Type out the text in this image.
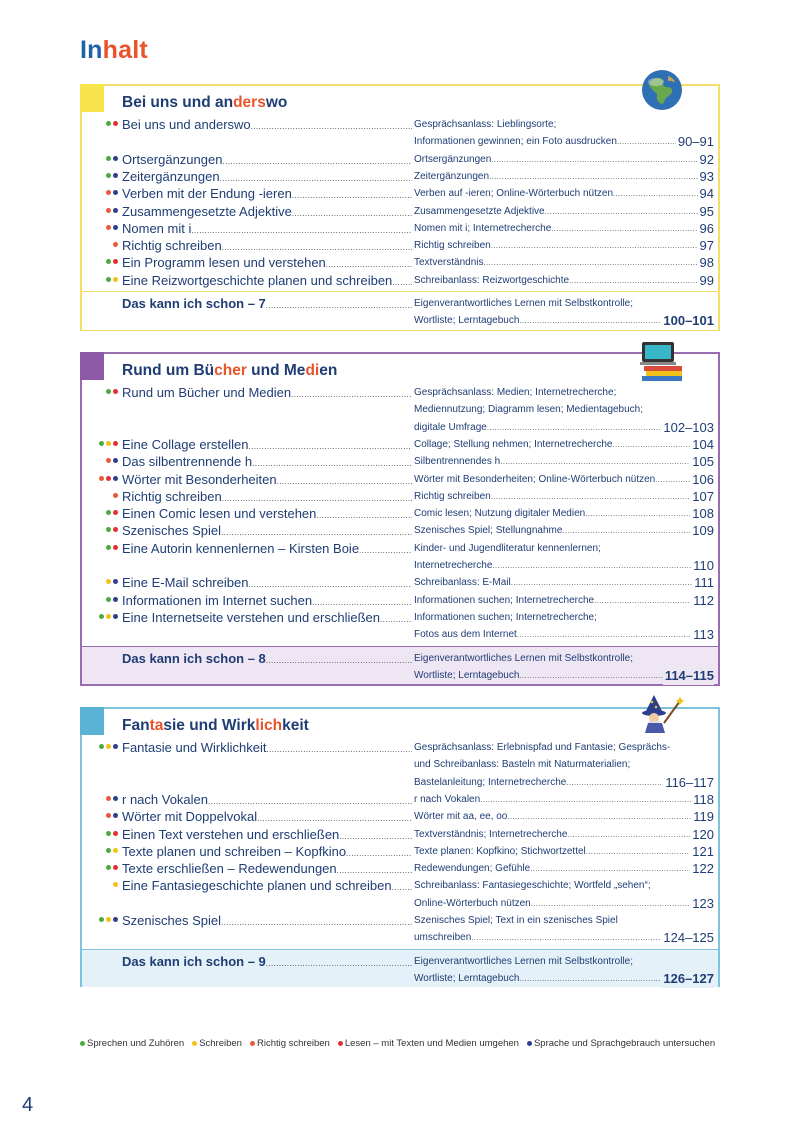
Inhalt
Bei uns und anderswo
Bei uns und anderswo .....	Gesprächsanlass: Lieblingsorte;
Informationen gewinnen; ein Foto ausdrucken .....	90–91
Ortsergänzungen .....	Ortsergänzungen .....	92
Zeitergänzungen .....	Zeitergänzungen .....	93
Verben mit der Endung -ieren .....	Verben auf -ieren; Online-Wörterbuch nützen .....	94
Zusammengesetzte Adjektive .....	Zusammengesetzte Adjektive .....	95
Nomen mit i .....	Nomen mit i; Internetrecherche .....	96
Richtig schreiben .....	Richtig schreiben .....	97
Ein Programm lesen und verstehen .....	Textverständnis .....	98
Eine Reizwortgeschichte planen und schreiben .....	Schreibanlass: Reizwortgeschichte .....	99
Das kann ich schon – 7 .....	Eigenverantwortliches Lernen mit Selbstkontrolle;
Wortliste; Lerntagebuch .....	100–101
Rund um Bücher und Medien
Rund um Bücher und Medien .....	Gesprächsanlass: Medien; Internetrecherche;
Mediennutzung; Diagramm lesen; Medientagebuch;
digitale Umfrage .....	102–103
Eine Collage erstellen .....	Collage; Stellung nehmen; Internetrecherche .....	104
Das silbentrennende h .....	Silbentrennendes h .....	105
Wörter mit Besonderheiten .....	Wörter mit Besonderheiten; Online-Wörterbuch nützen .....	106
Richtig schreiben .....	Richtig schreiben .....	107
Einen Comic lesen und verstehen .....	Comic lesen; Nutzung digitaler Medien .....	108
Szenisches Spiel .....	Szenisches Spiel; Stellungnahme .....	109
Eine Autorin kennenlernen – Kirsten Boie .....	Kinder- und Jugendliteratur kennenlernen;
Internetrecherche .....	110
Eine E-Mail schreiben .....	Schreibanlass: E-Mail .....	111
Informationen im Internet suchen .....	Informationen suchen; Internetrecherche .....	112
Eine Internetseite verstehen und erschließen .....	Informationen suchen; Internetrecherche;
Fotos aus dem Internet .....	113
Das kann ich schon – 8 .....	Eigenverantwortliches Lernen mit Selbstkontrolle;
Wortliste; Lerntagebuch .....	114–115
Fantasie und Wirklichkeit
Fantasie und Wirklichkeit .....	Gesprächsanlass: Erlebnispfad und Fantasie; Gesprächs-
und Schreibanlass: Basteln mit Naturmaterialien;
Bastelanleitung; Internetrecherche .....	116–117
r nach Vokalen .....	r nach Vokalen .....	118
Wörter mit Doppelvokal .....	Wörter mit aa, ee, oo .....	119
Einen Text verstehen und erschließen .....	Textverständnis; Internetrecherche .....	120
Texte planen und schreiben – Kopfkino .....	Texte planen: Kopfkino; Stichwortzettel .....	121
Texte erschließen – Redewendungen .....	Redewendungen; Gefühle .....	122
Eine Fantasiegeschichte planen und schreiben .....	Schreibanlass: Fantasiegeschichte; Wortfeld „sehen“;
Online-Wörterbuch nützen .....	123
Szenisches Spiel .....	Szenisches Spiel; Text in ein szenisches Spiel
umschreiben .....	124–125
Das kann ich schon – 9 .....	Eigenverantwortliches Lernen mit Selbstkontrolle;
Wortliste; Lerntagebuch .....	126–127
Sprechen und Zuhören Schreiben Richtig schreiben Lesen – mit Texten und Medien umgehen Sprache und Sprachgebrauch untersuchen
4
